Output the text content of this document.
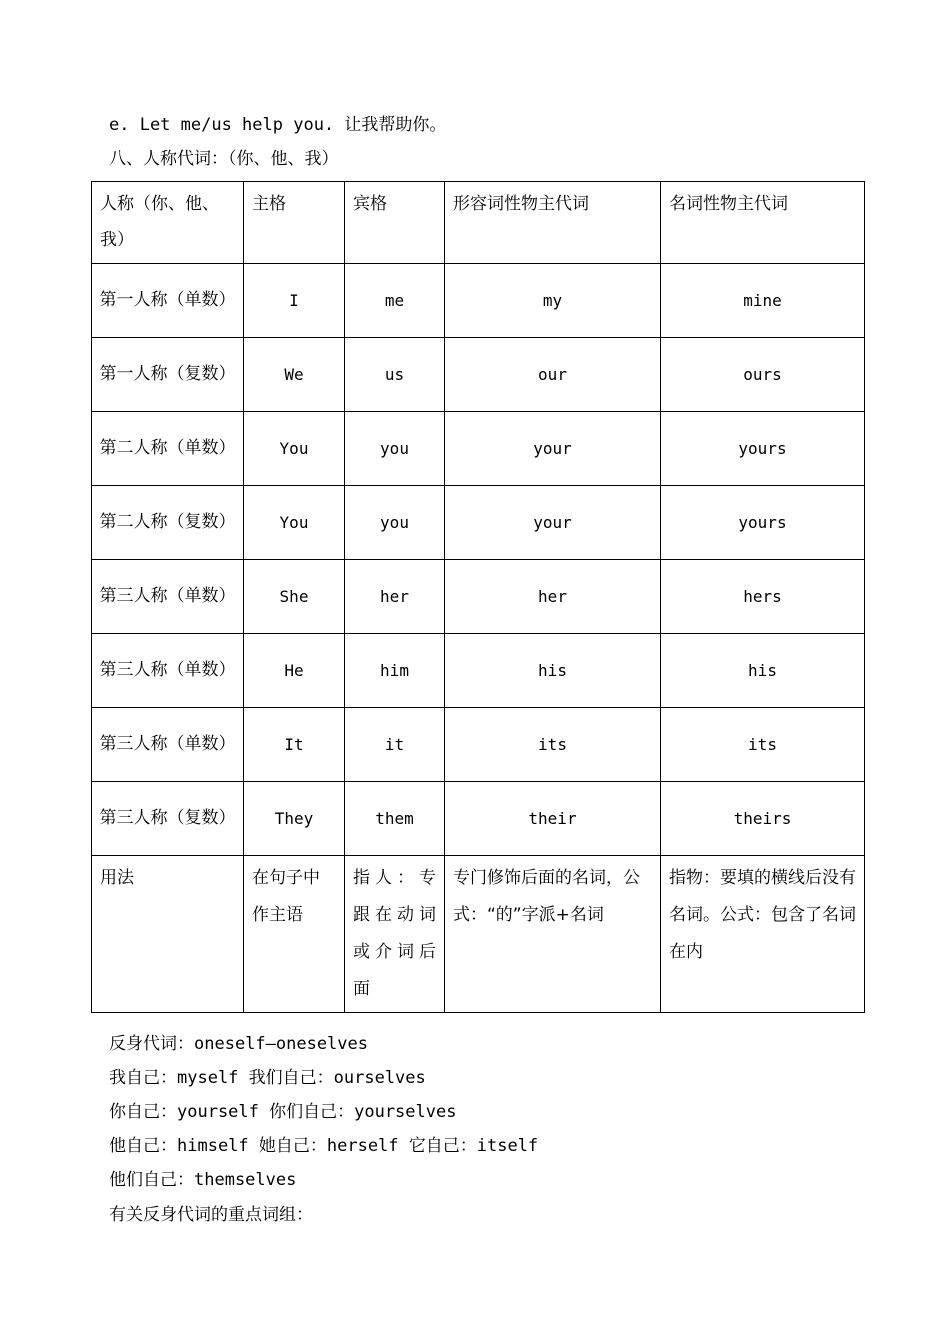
e. Let me/us help you. 让我帮助你。
八、人称代词：（你、他、我）
人称（你、他、我）	主格	宾格	形容词性物主代词	名词性物主代词
第一人称（单数）	I	me	my	mine
第一人称（复数）	We	us	our	ours
第二人称（单数）	You	you	your	yours
第二人称（复数）	You	you	your	yours
第三人称（单数）	She	her	her	hers
第三人称（单数）	He	him	his	his
第三人称（单数）	It	it	its	its
第三人称（复数）	They	them	their	theirs
用法	在句子中作主语	指人：专跟在动词或介词后面	专门修饰后面的名词，公式：“的”字派+名词	指物：要填的横线后没有名词。公式：包含了名词在内
反身代词：oneself—oneselves
我自己：myself 我们自己：ourselves
你自己：yourself 你们自己：yourselves
他自己：himself 她自己：herself 它自己：itself
他们自己：themselves
有关反身代词的重点词组：
